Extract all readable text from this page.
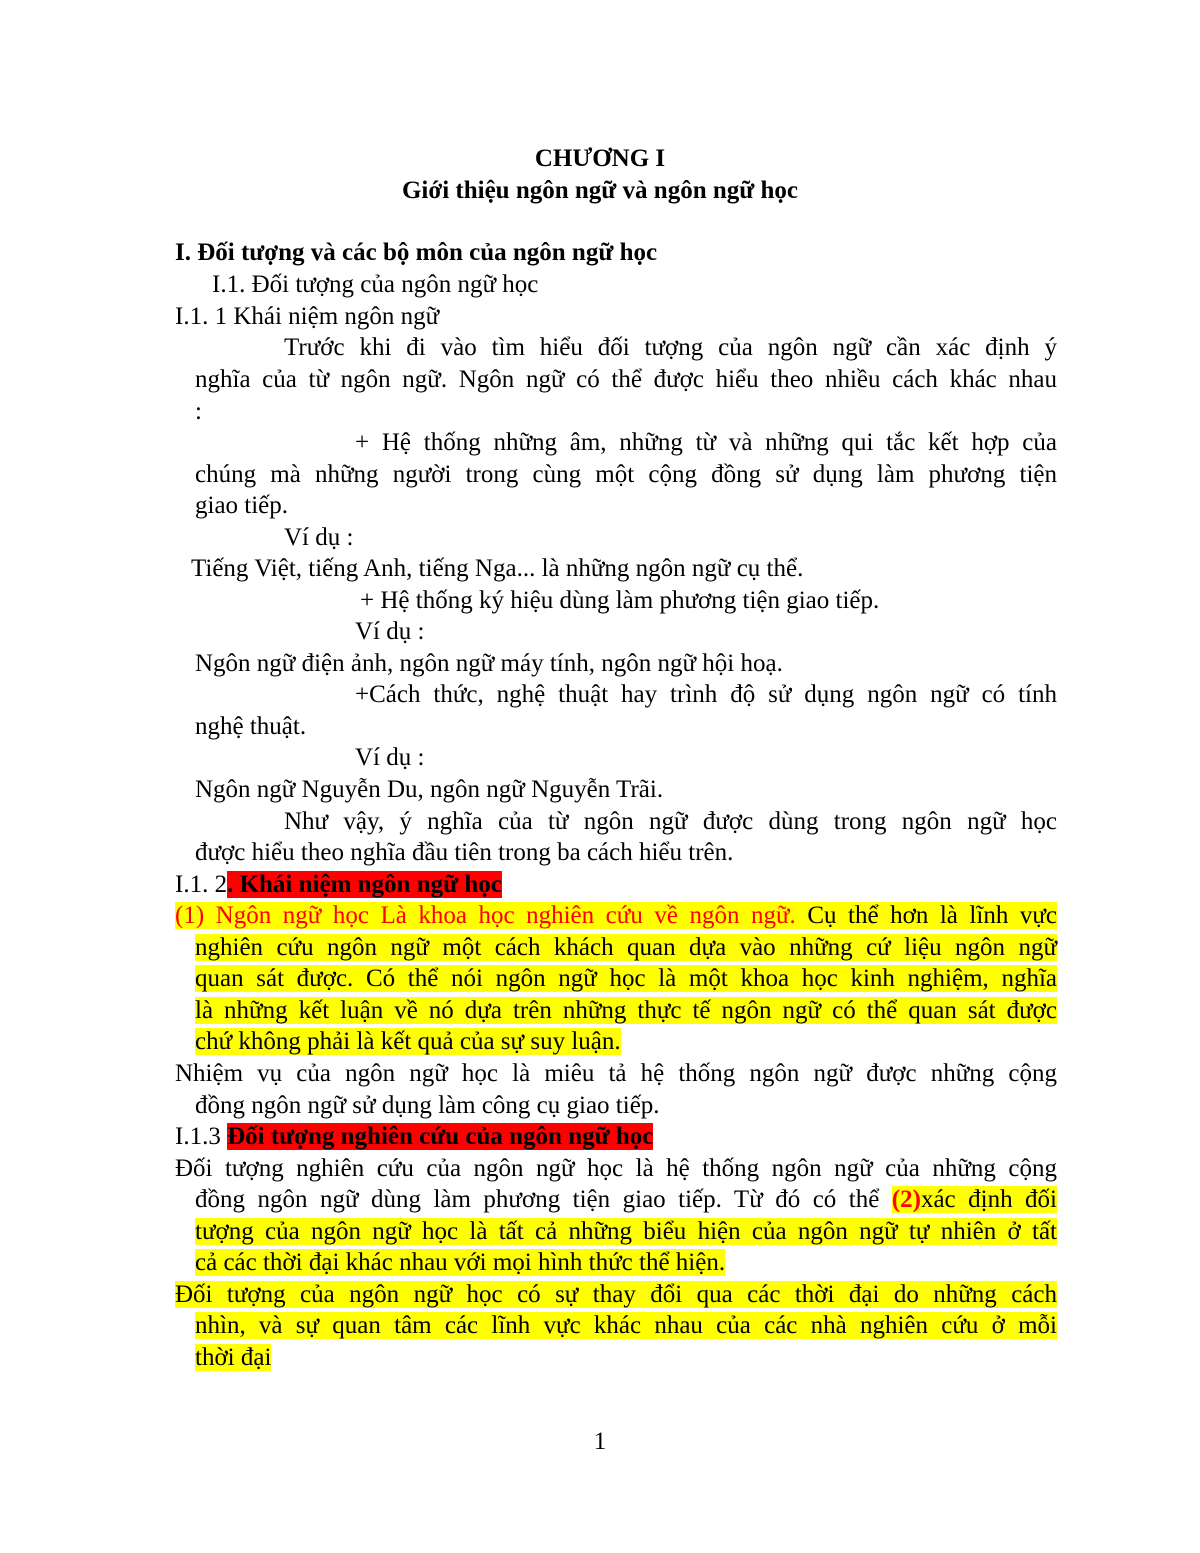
CHƯƠNG I
Giới thiệu ngôn ngữ và ngôn ngữ học
I. Đối tượng và các bộ môn của ngôn ngữ học
I.1. Đối tượng của ngôn ngữ học
I.1. 1 Khái niệm ngôn ngữ
Trước khi đi vào tìm hiểu đối tượng của ngôn ngữ cần xác định ý
nghĩa của từ ngôn ngữ. Ngôn ngữ có thể được hiểu theo nhiều cách khác nhau
:
+ Hệ thống những âm, những từ và những qui tắc kết hợp của
chúng mà những người trong cùng một cộng đồng sử dụng làm phương tiện
giao tiếp.
Ví dụ :
Tiếng Việt, tiếng Anh, tiếng Nga... là những ngôn ngữ cụ thể.
+ Hệ thống ký hiệu dùng làm phương tiện giao tiếp.
Ví dụ :
Ngôn ngữ điện ảnh, ngôn ngữ máy tính, ngôn ngữ hội hoạ.
+Cách thức, nghệ thuật hay trình độ sử dụng ngôn ngữ có tính
nghệ thuật.
Ví dụ :
Ngôn ngữ Nguyễn Du, ngôn ngữ Nguyễn Trãi.
Như vậy, ý nghĩa của từ ngôn ngữ được dùng trong ngôn ngữ học
được hiểu theo nghĩa đầu tiên trong ba cách hiểu trên.
I.1. 2. Khái niệm ngôn ngữ học
(1) Ngôn ngữ học Là khoa học nghiên cứu về ngôn ngữ. Cụ thể hơn là lĩnh vực
nghiên cứu ngôn ngữ một cách khách quan dựa vào những cứ liệu ngôn ngữ
quan sát được. Có thể nói ngôn ngữ học là một khoa học kinh nghiệm, nghĩa
là những kết luận về nó dựa trên những thực tế ngôn ngữ có thể quan sát được
chứ không phải là kết quả của sự suy luận.
Nhiệm vụ của ngôn ngữ học là miêu tả hệ thống ngôn ngữ được những cộng
đồng ngôn ngữ sử dụng làm công cụ giao tiếp.
I.1.3 Đối tượng nghiên cứu của ngôn ngữ học
Đối tượng nghiên cứu của ngôn ngữ học là hệ thống ngôn ngữ của những cộng
đồng ngôn ngữ dùng làm phương tiện giao tiếp. Từ đó có thể (2)xác định đối
tượng của ngôn ngữ học là tất cả những biểu hiện của ngôn ngữ tự nhiên ở tất
cả các thời đại khác nhau với mọi hình thức thể hiện.
Đối tượng của ngôn ngữ học có sự thay đổi qua các thời đại do những cách
nhìn, và sự quan tâm các lĩnh vực khác nhau của các nhà nghiên cứu ở mỗi
thời đại
1
